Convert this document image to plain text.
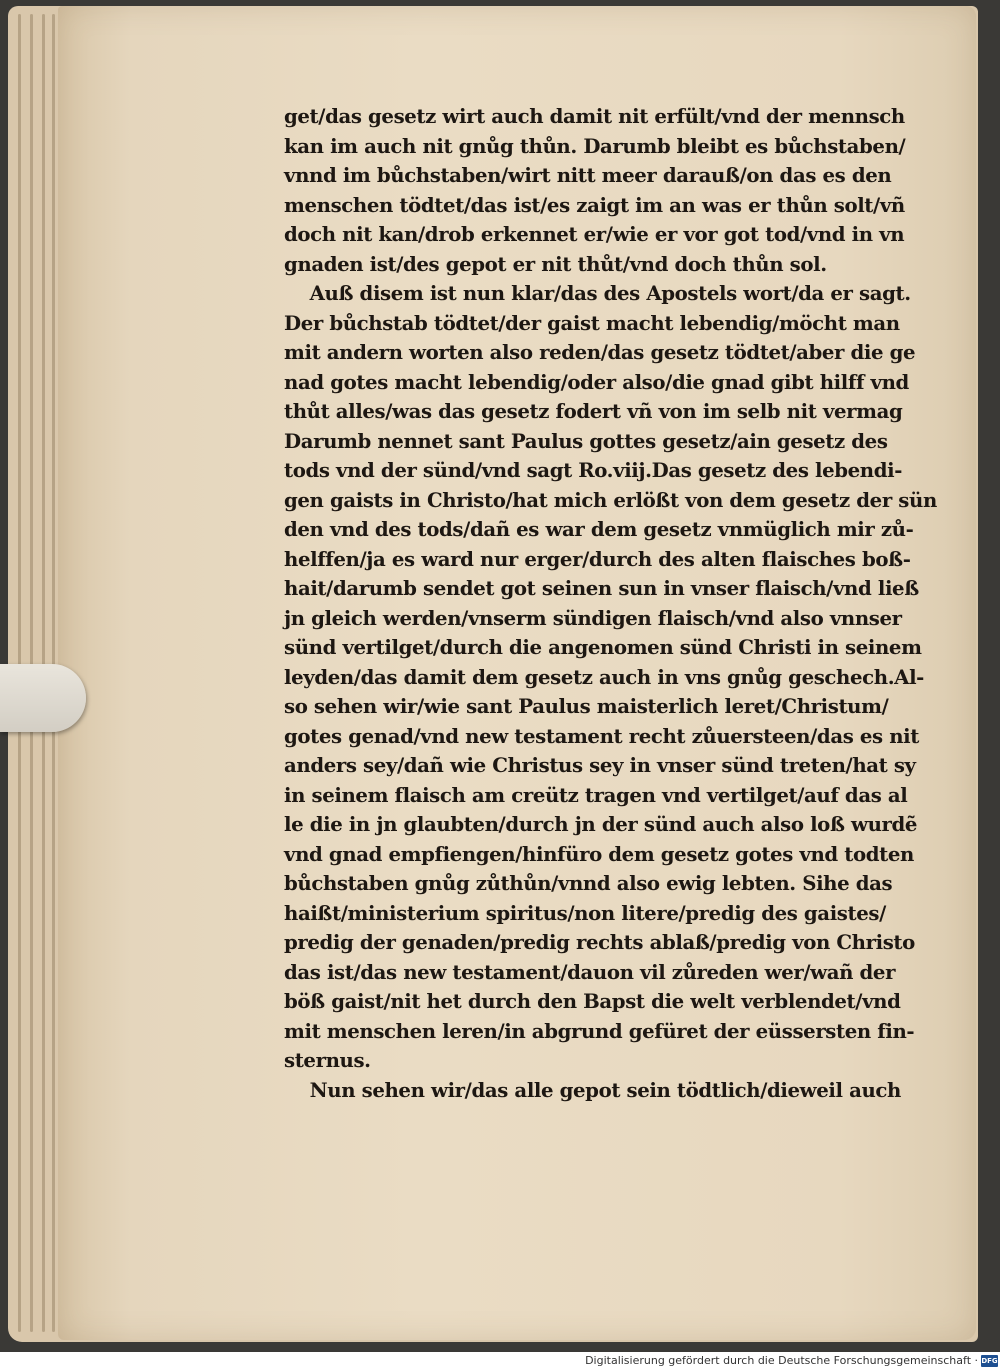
get/das gesetz wirt auch damit nit erfült/vnd der mennsch
kan im auch nit gnůg thůn. Darumb bleibt es bůchstaben/
vnnd im bůchstaben/wirt nitt meer darauß/on das es den
menschen tödtet/das ist/es zaigt im an was er thůn solt/vñ
doch nit kan/drob erkennet er/wie er vor got tod/vnd in vn
gnaden ist/des gepot er nit thůt/vnd doch thůn sol.
Auß disem ist nun klar/das des Apostels wort/da er sagt.
Der bůchstab tödtet/der gaist macht lebendig/möcht man
mit andern worten also reden/das gesetz tödtet/aber die ge
nad gotes macht lebendig/oder also/die gnad gibt hilff vnd
thůt alles/was das gesetz fodert vñ von im selb nit vermag
Darumb nennet sant Paulus gottes gesetz/ain gesetz des
tods vnd der sünd/vnd sagt Ro.viij.Das gesetz des lebendi-
gen gaists in Christo/hat mich erlößt von dem gesetz der sün
den vnd des tods/dañ es war dem gesetz vnmüglich mir zů-
helffen/ja es ward nur erger/durch des alten flaisches boß-
hait/darumb sendet got seinen sun in vnser flaisch/vnd ließ
jn gleich werden/vnserm sündigen flaisch/vnd also vnnser
sünd vertilget/durch die angenomen sünd Christi in seinem
leyden/das damit dem gesetz auch in vns gnůg geschech.Al-
so sehen wir/wie sant Paulus maisterlich leret/Christum/
gotes genad/vnd new testament recht zůuersteen/das es nit
anders sey/dañ wie Christus sey in vnser sünd treten/hat sy
in seinem flaisch am creütz tragen vnd vertilget/auf das al
le die in jn glaubten/durch jn der sünd auch also loß wurdẽ
vnd gnad empfiengen/hinfüro dem gesetz gotes vnd todten
bůchstaben gnůg zůthůn/vnnd also ewig lebten. Sihe das
haißt/ministerium spiritus/non litere/predig des gaistes/
predig der genaden/predig rechts ablaß/predig von Christo
das ist/das new testament/dauon vil zůreden wer/wañ der
böß gaist/nit het durch den Bapst die welt verblendet/vnd
mit menschen leren/in abgrund gefüret der eüssersten fin-
sternus.
Nun sehen wir/das alle gepot sein tödtlich/dieweil auch
Digitalisierung gefördert durch die Deutsche Forschungsgemeinschaft · DFG
